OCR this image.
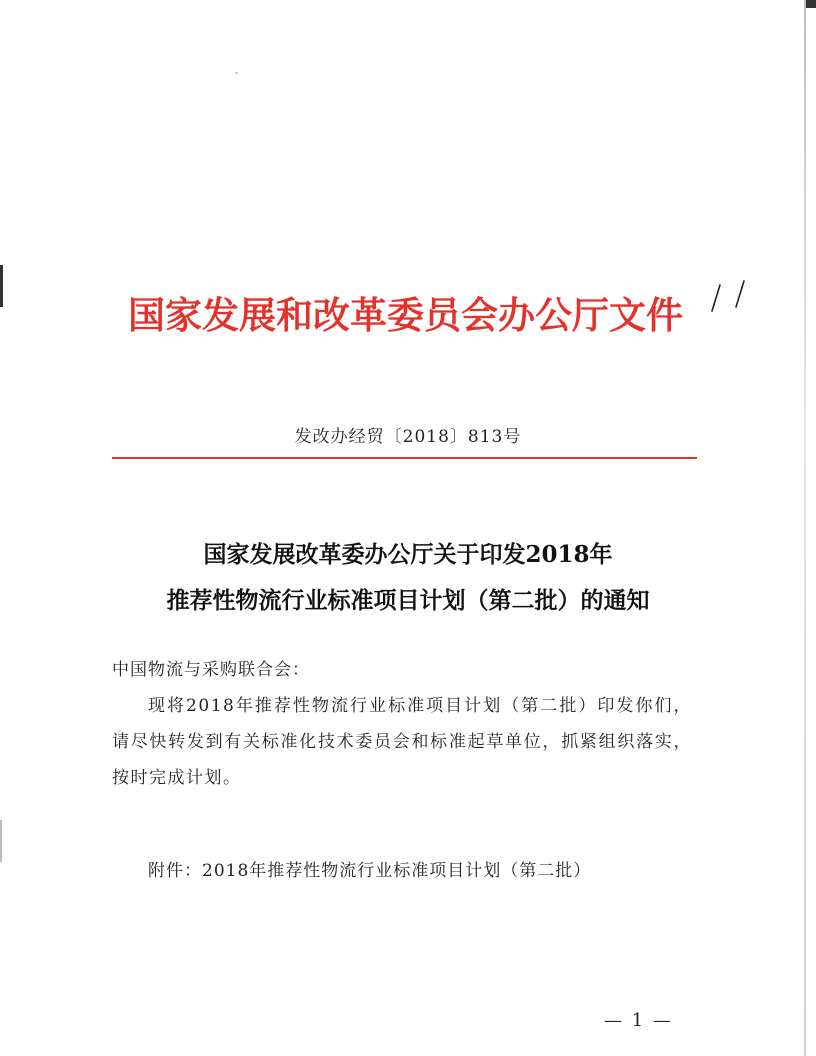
国家发展和改革委员会办公厅文件
发改办经贸〔2018〕813号
国家发展改革委办公厅关于印发2018年
推荐性物流行业标准项目计划（第二批）的通知
中国物流与采购联合会：
现将2018年推荐性物流行业标准项目计划（第二批）印发你们，请尽快转发到有关标准化技术委员会和标准起草单位，抓紧组织落实，按时完成计划。
附件：2018年推荐性物流行业标准项目计划（第二批）
— 1 —
